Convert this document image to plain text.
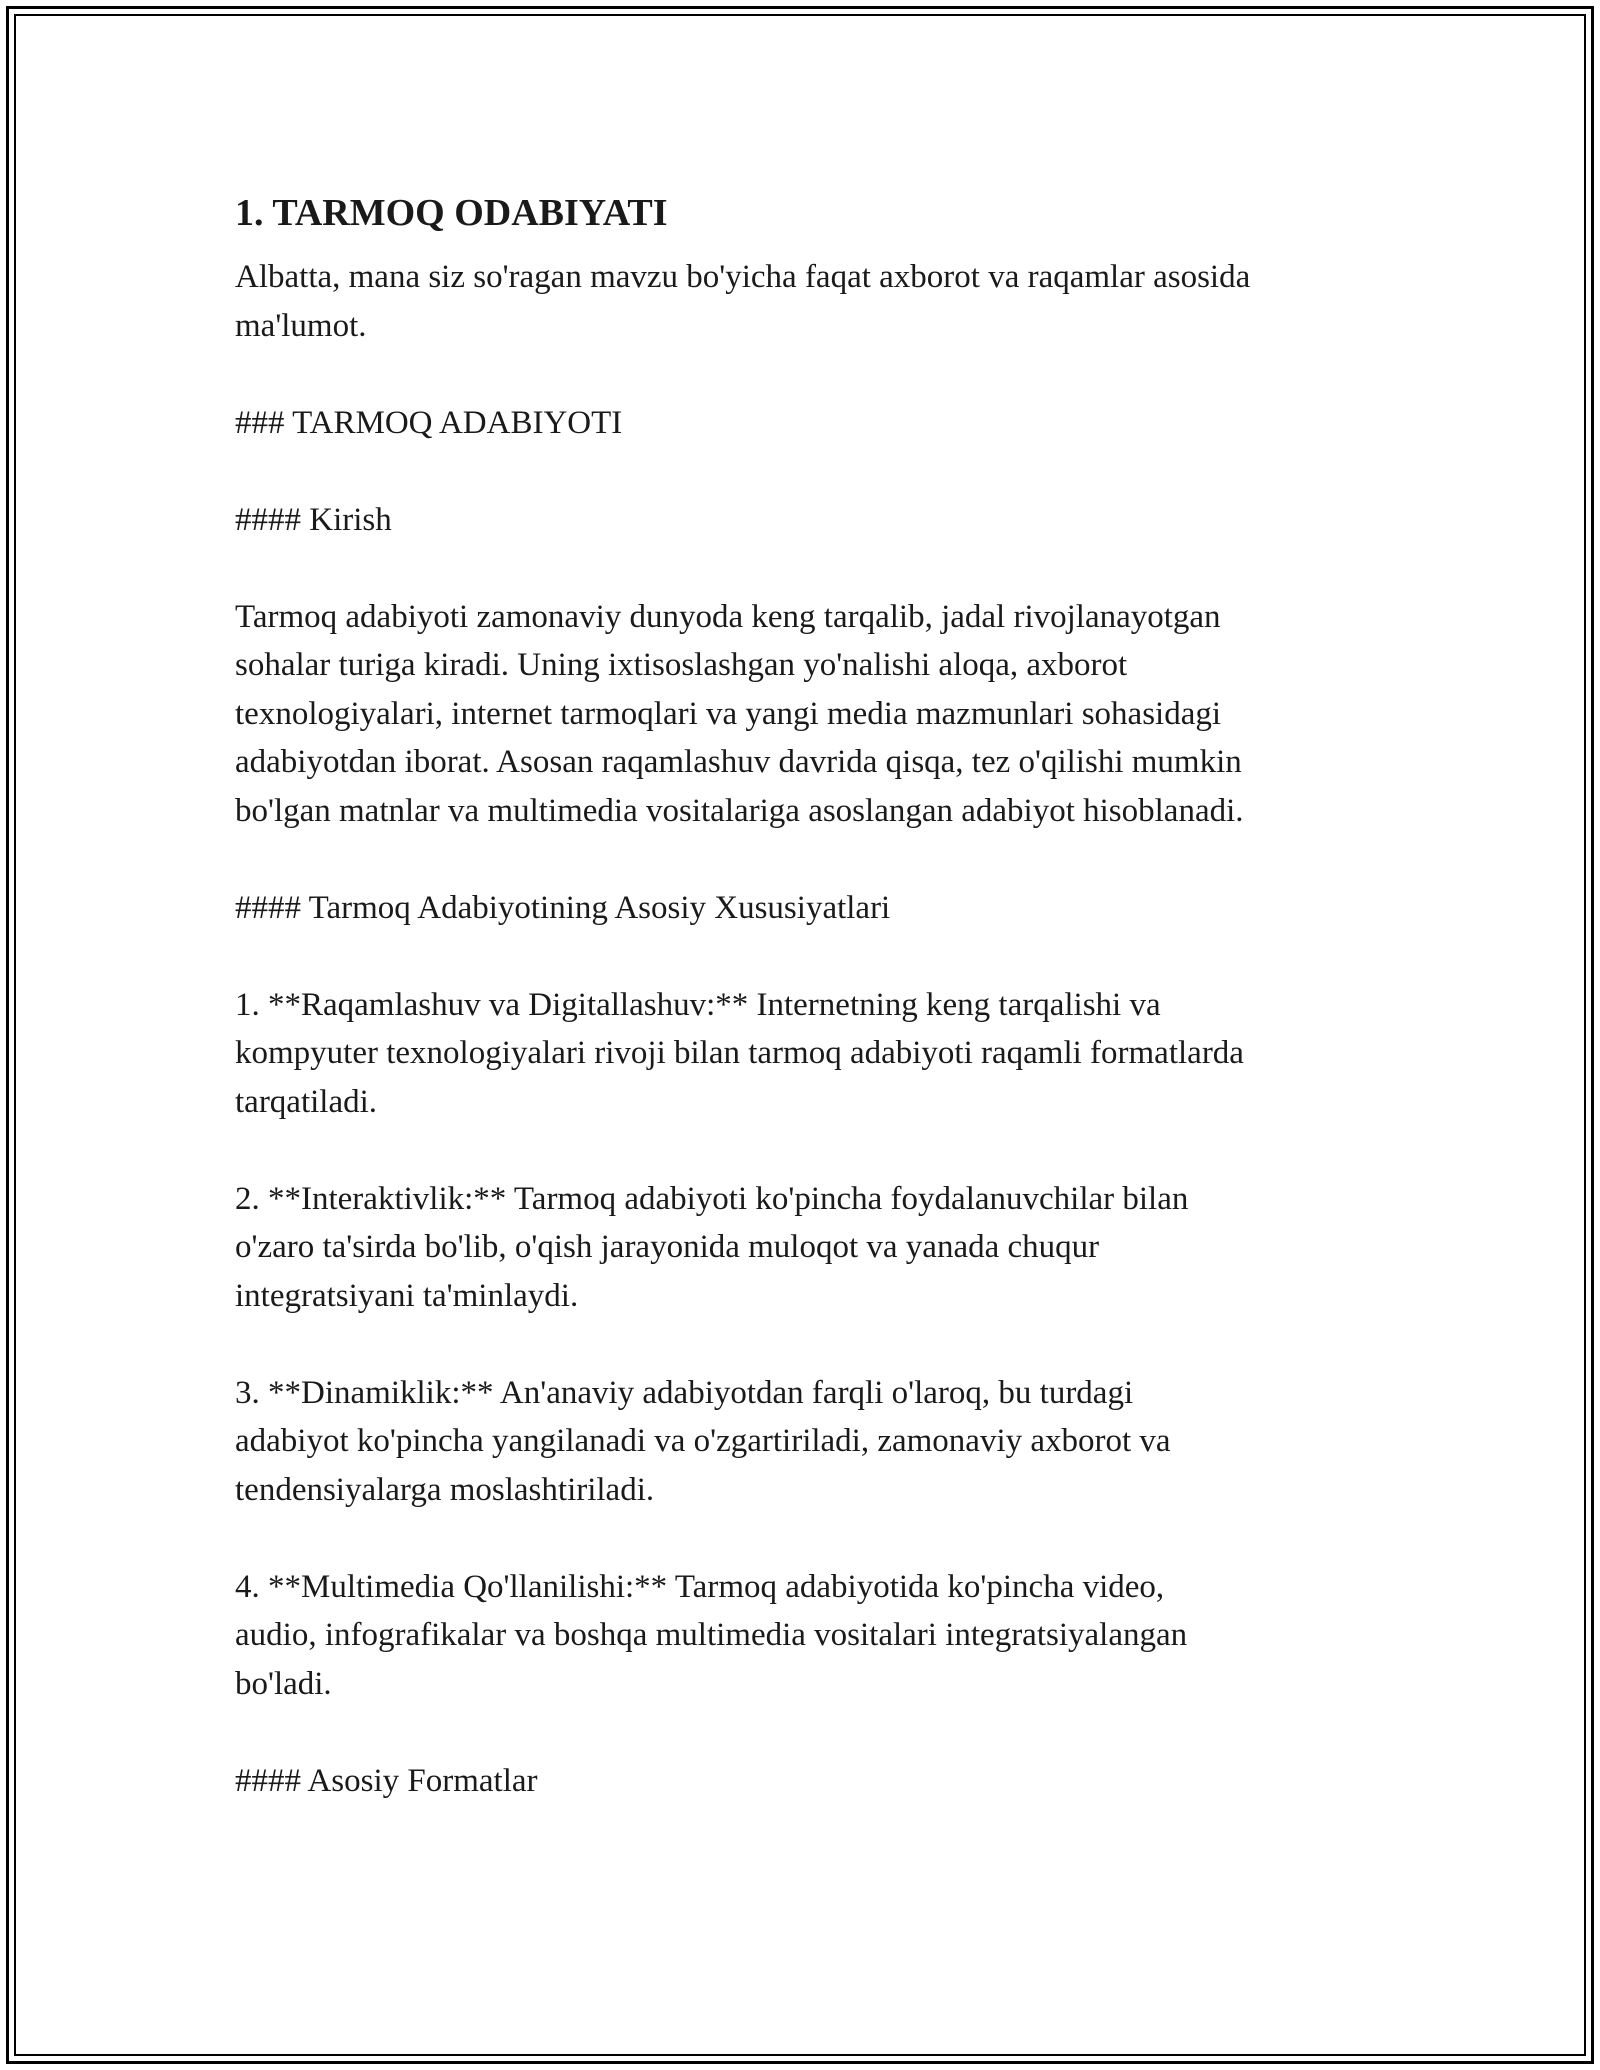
1. TARMOQ ODABIYATI
Albatta, mana siz so'ragan mavzu bo'yicha faqat axborot va raqamlar asosida
ma'lumot.
### TARMOQ ADABIYOTI
#### Kirish
Tarmoq adabiyoti zamonaviy dunyoda keng tarqalib, jadal rivojlanayotgan
sohalar turiga kiradi. Uning ixtisoslashgan yo'nalishi aloqa, axborot
texnologiyalari, internet tarmoqlari va yangi media mazmunlari sohasidagi
adabiyotdan iborat. Asosan raqamlashuv davrida qisqa, tez o'qilishi mumkin
bo'lgan matnlar va multimedia vositalariga asoslangan adabiyot hisoblanadi.
#### Tarmoq Adabiyotining Asosiy Xususiyatlari
1. **Raqamlashuv va Digitallashuv:** Internetning keng tarqalishi va
kompyuter texnologiyalari rivoji bilan tarmoq adabiyoti raqamli formatlarda
tarqatiladi.
2. **Interaktivlik:** Tarmoq adabiyoti ko'pincha foydalanuvchilar bilan
o'zaro ta'sirda bo'lib, o'qish jarayonida muloqot va yanada chuqur
integratsiyani ta'minlaydi.
3. **Dinamiklik:** An'anaviy adabiyotdan farqli o'laroq, bu turdagi
adabiyot ko'pincha yangilanadi va o'zgartiriladi, zamonaviy axborot va
tendensiyalarga moslashtiriladi.
4. **Multimedia Qo'llanilishi:** Tarmoq adabiyotida ko'pincha video,
audio, infografikalar va boshqa multimedia vositalari integratsiyalangan
bo'ladi.
#### Asosiy Formatlar
